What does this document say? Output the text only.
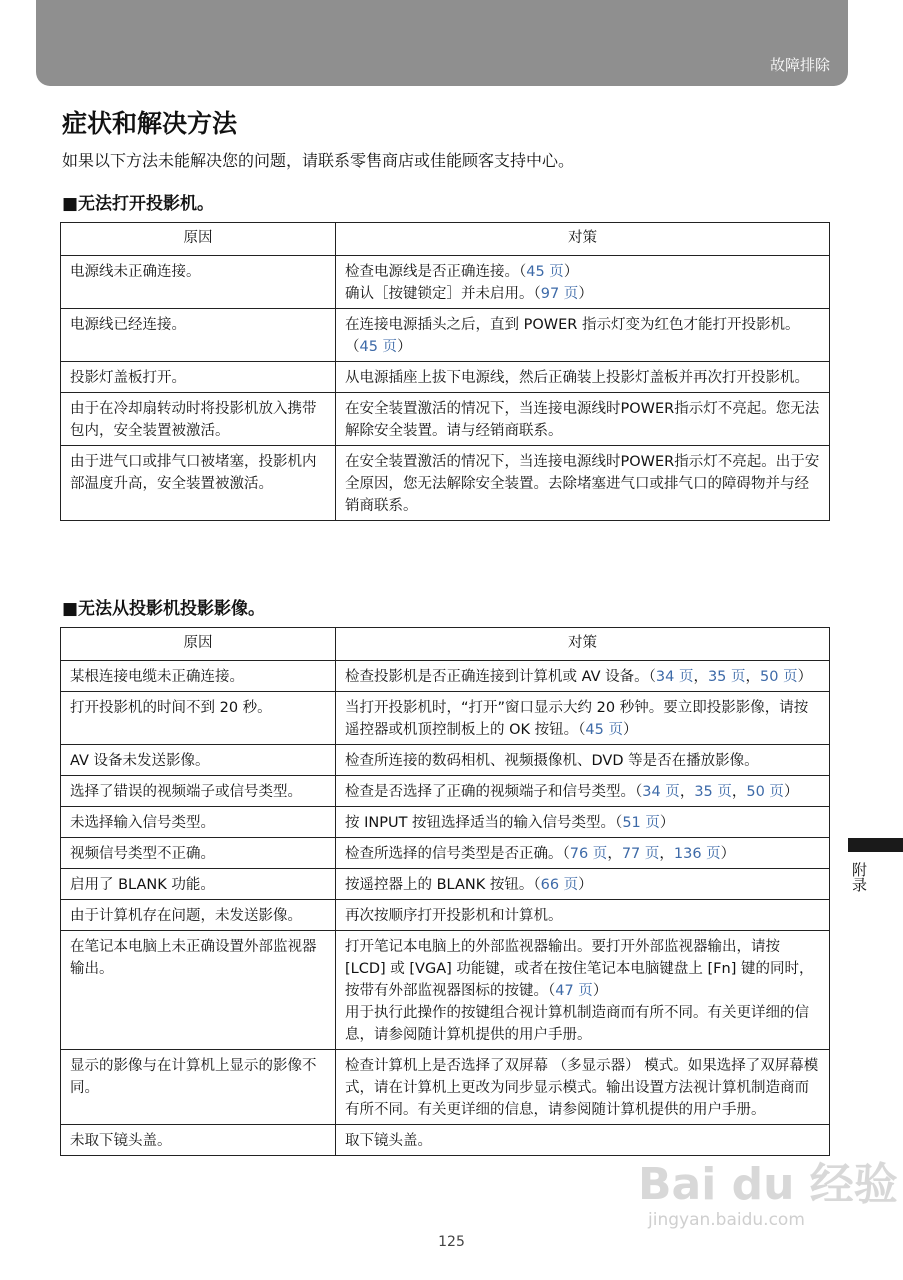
故障排除
症状和解决方法

如果以下方法未能解决您的问题，请联系零售商店或佳能顾客支持中心。

■无法打开投影机。
原因	对策
电源线未正确连接。	检查电源线是否正确连接。（45 页）
确认［按键锁定］并未启用。（97 页）
电源线已经连接。	在连接电源插头之后，直到 POWER 指示灯变为红色才能打开投影机。（45 页）
投影灯盖板打开。	从电源插座上拔下电源线，然后正确装上投影灯盖板并再次打开投影机。
由于在冷却扇转动时将投影机放入携带包内，安全装置被激活。	在安全装置激活的情况下，当连接电源线时POWER指示灯不亮起。您无法解除安全装置。请与经销商联系。
由于进气口或排气口被堵塞，投影机内部温度升高，安全装置被激活。	在安全装置激活的情况下，当连接电源线时POWER指示灯不亮起。出于安全原因，您无法解除安全装置。去除堵塞进气口或排气口的障碍物并与经销商联系。
■无法从投影机投影影像。
原因	对策
某根连接电缆未正确连接。	检查投影机是否正确连接到计算机或 AV 设备。（34 页，35 页，50 页）
打开投影机的时间不到 20 秒。	当打开投影机时，“打开”窗口显示大约 20 秒钟。要立即投影影像，请按遥控器或机顶控制板上的 OK 按钮。（45 页）
AV 设备未发送影像。	检查所连接的数码相机、视频摄像机、DVD 等是否在播放影像。
选择了错误的视频端子或信号类型。	检查是否选择了正确的视频端子和信号类型。（34 页，35 页，50 页）
未选择输入信号类型。	按 INPUT 按钮选择适当的输入信号类型。（51 页）
视频信号类型不正确。	检查所选择的信号类型是否正确。（76 页，77 页，136 页）
启用了 BLANK 功能。	按遥控器上的 BLANK 按钮。（66 页）
由于计算机存在问题，未发送影像。	再次按顺序打开投影机和计算机。
在笔记本电脑上未正确设置外部监视器输出。	打开笔记本电脑上的外部监视器输出。要打开外部监视器输出，请按 [LCD] 或 [VGA] 功能键，或者在按住笔记本电脑键盘上 [Fn] 键的同时，按带有外部监视器图标的按键。（47 页）
用于执行此操作的按键组合视计算机制造商而有所不同。有关更详细的信息，请参阅随计算机提供的用户手册。
显示的影像与在计算机上显示的影像不同。	检查计算机上是否选择了双屏幕 （多显示器） 模式。如果选择了双屏幕模式，请在计算机上更改为同步显示模式。输出设置方法视计算机制造商而有所不同。有关更详细的信息，请参阅随计算机提供的用户手册。
未取下镜头盖。	取下镜头盖。
附录
125
Bai du 经验
jingyan.baidu.com
